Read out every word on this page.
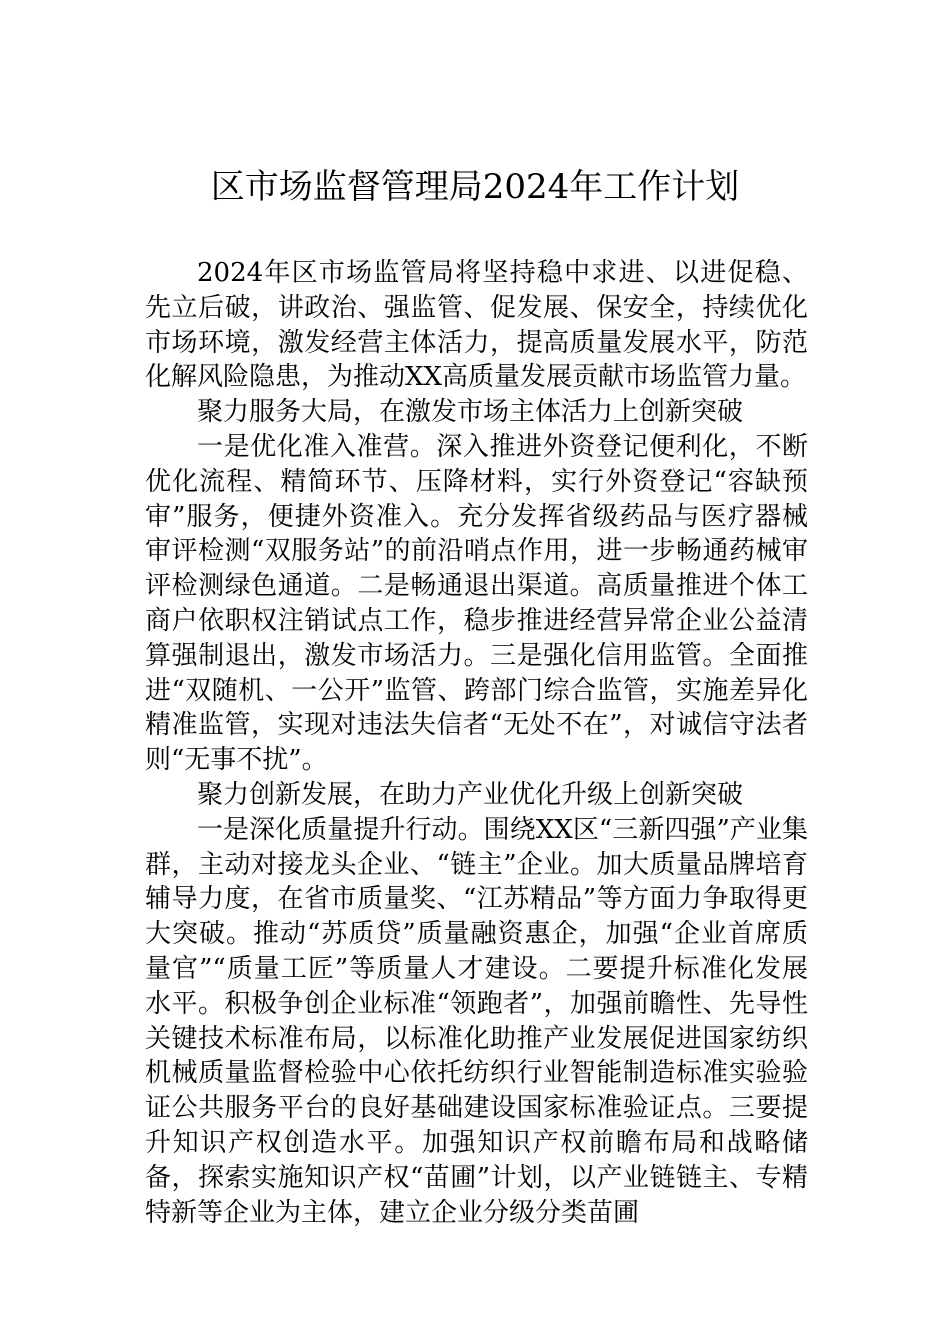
区市场监督管理局2024年工作计划

2024年区市场监管局将坚持稳中求进、以进促稳、先立后破，讲政治、强监管、促发展、保安全，持续优化市场环境，激发经营主体活力，提高质量发展水平，防范化解风险隐患，为推动XX高质量发展贡献市场监管力量。

聚力服务大局，在激发市场主体活力上创新突破

一是优化准入准营。深入推进外资登记便利化，不断优化流程、精简环节、压降材料，实行外资登记“容缺预审”服务，便捷外资准入。充分发挥省级药品与医疗器械审评检测“双服务站”的前沿哨点作用，进一步畅通药械审评检测绿色通道。二是畅通退出渠道。高质量推进个体工商户依职权注销试点工作，稳步推进经营异常企业公益清算强制退出，激发市场活力。三是强化信用监管。全面推进“双随机、一公开”监管、跨部门综合监管，实施差异化精准监管，实现对违法失信者“无处不在”，对诚信守法者则“无事不扰”。

聚力创新发展，在助力产业优化升级上创新突破

一是深化质量提升行动。围绕XX区“三新四强”产业集群，主动对接龙头企业、“链主”企业。加大质量品牌培育辅导力度，在省市质量奖、“江苏精品”等方面力争取得更大突破。推动“苏质贷”质量融资惠企，加强“企业首席质量官”“质量工匠”等质量人才建设。二要提升标准化发展水平。积极争创企业标准“领跑者”，加强前瞻性、先导性关键技术标准布局，以标准化助推产业发展促进国家纺织机械质量监督检验中心依托纺织行业智能制造标准实验验证公共服务平台的良好基础建设国家标准验证点。三要提升知识产权创造水平。加强知识产权前瞻布局和战略储备，探索实施知识产权“苗圃”计划，以产业链链主、专精特新等企业为主体，建立企业分级分类苗圃
